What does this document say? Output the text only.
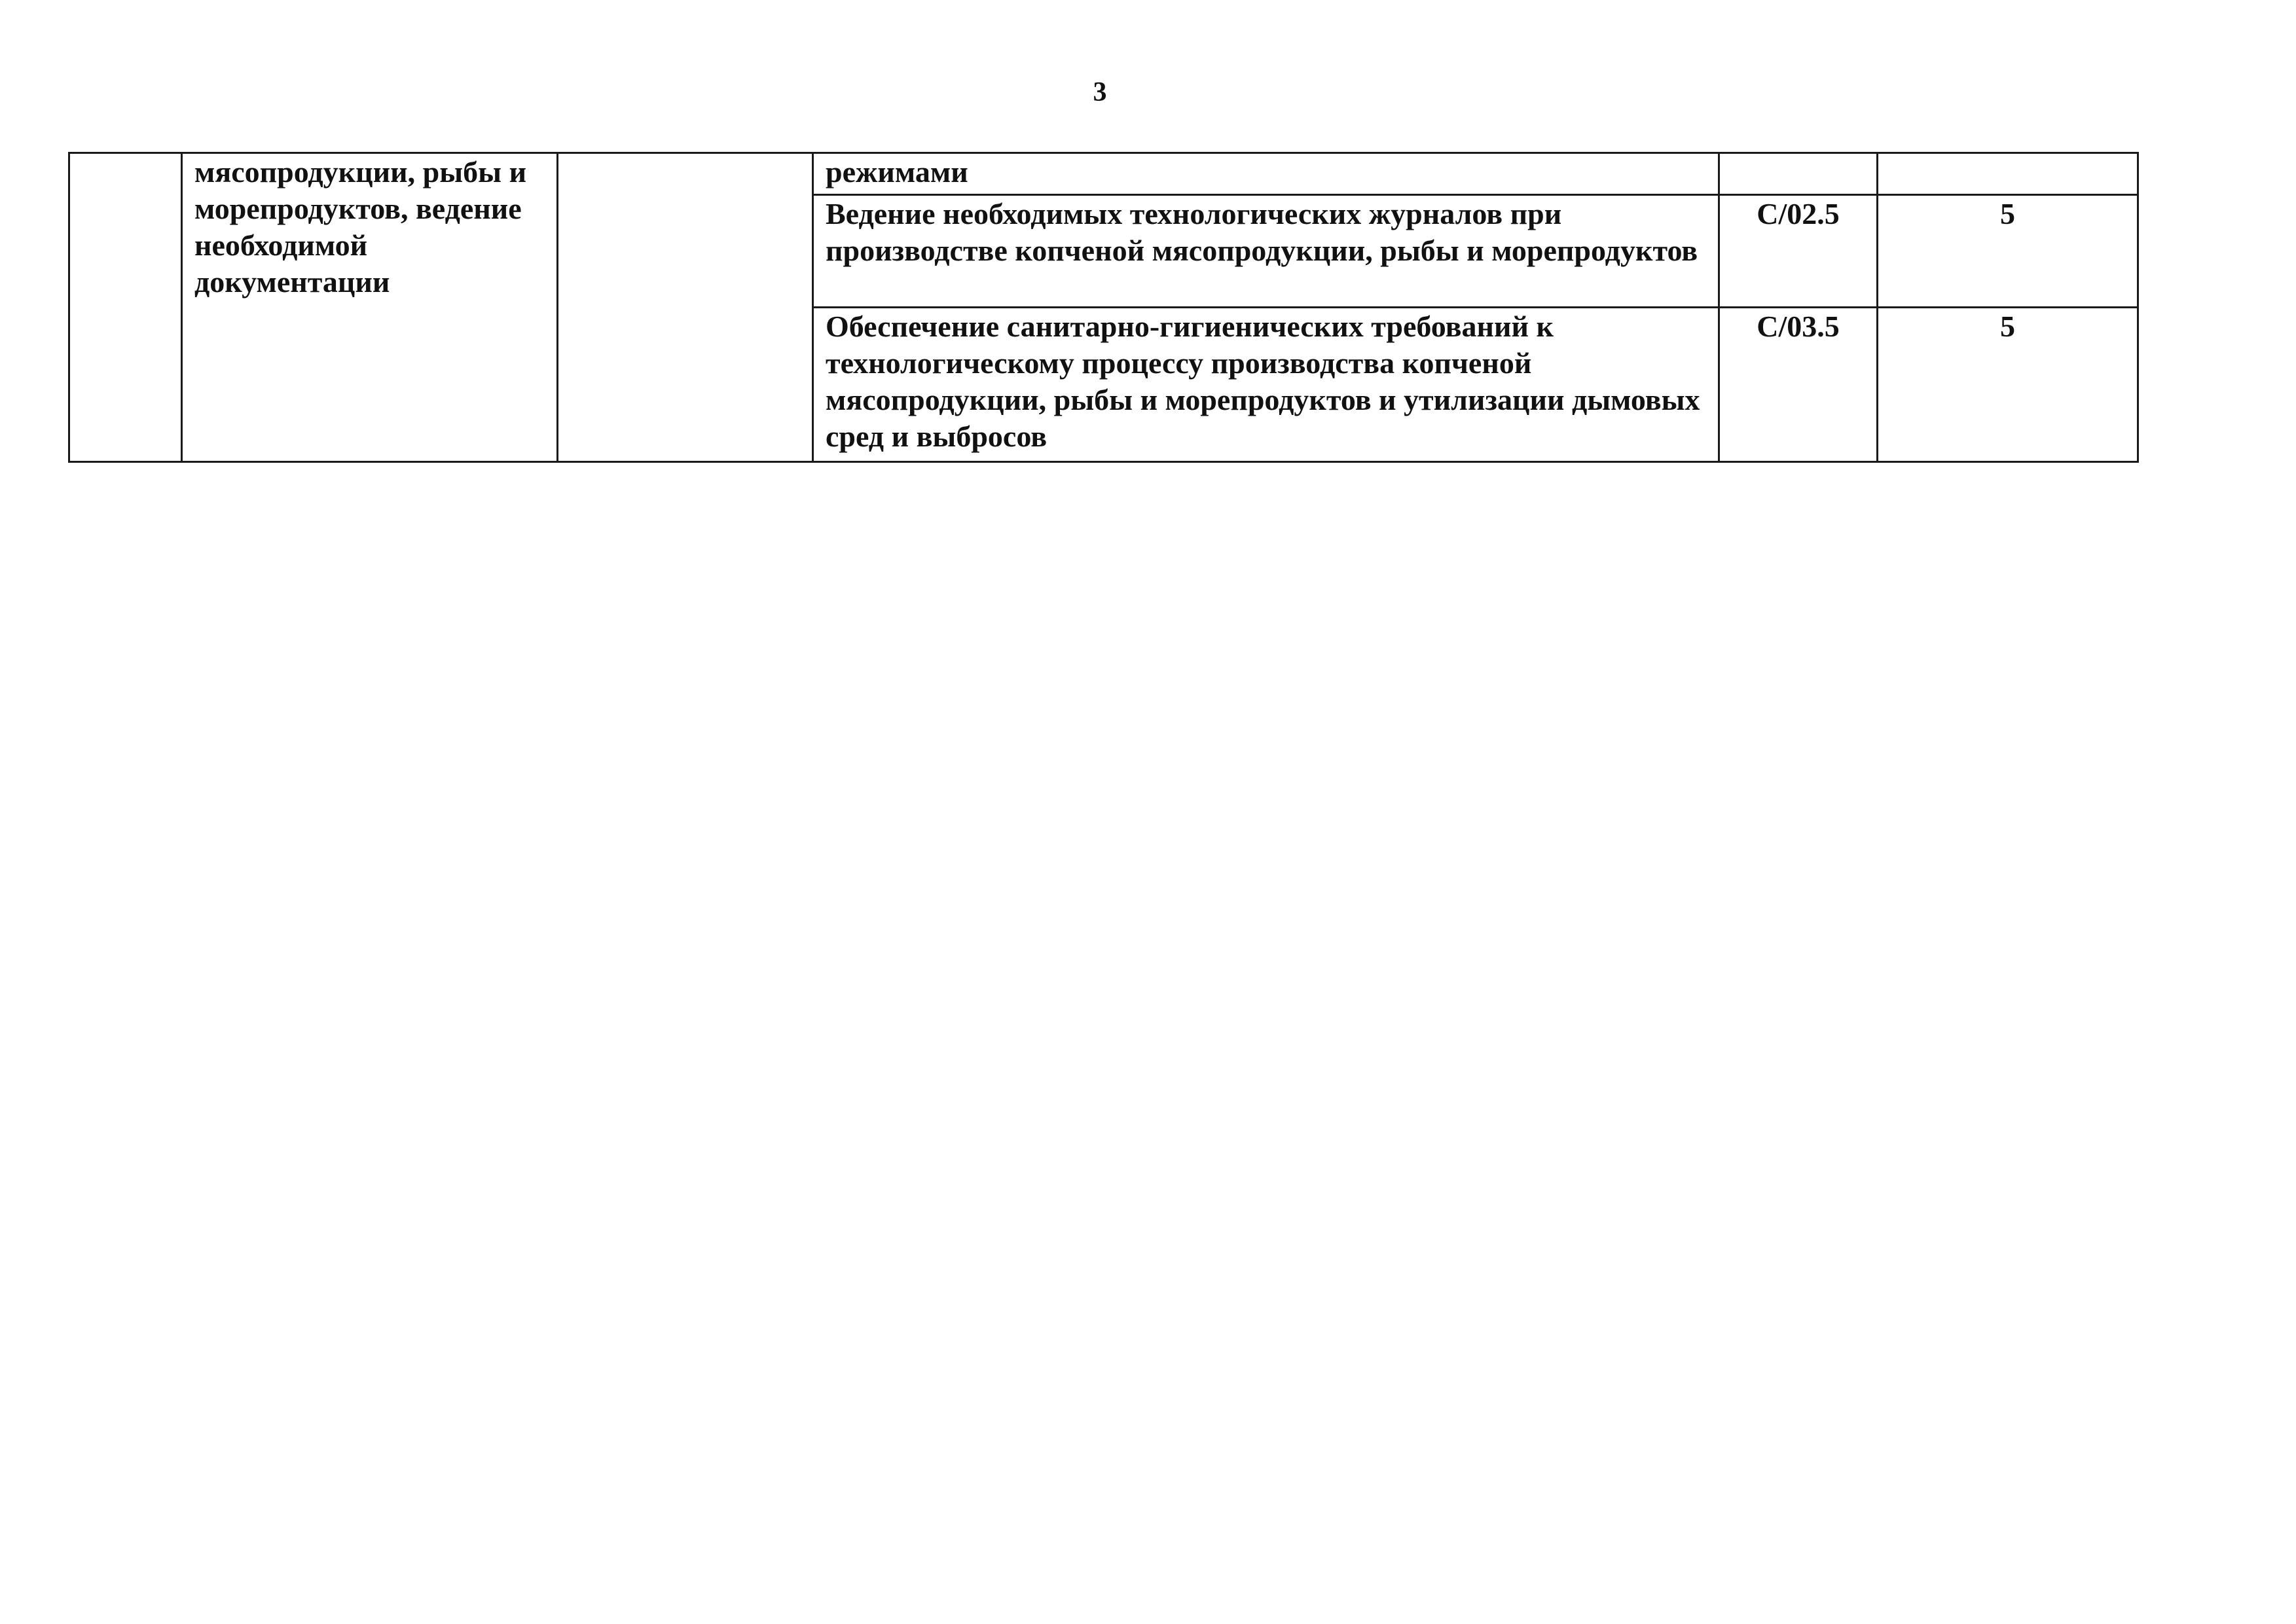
3
	мясопродукции, рыбы и морепродуктов, ведение необходимой документации		режимами		
			Ведение необходимых технологических журналов при производстве копченой мясопродукции, рыбы и морепродуктов	С/02.5	5
			Обеспечение санитарно-гигиенических требований к технологическому процессу производства копченой мясопродукции, рыбы и морепродуктов и утилизации дымовых сред и выбросов	С/03.5	5
